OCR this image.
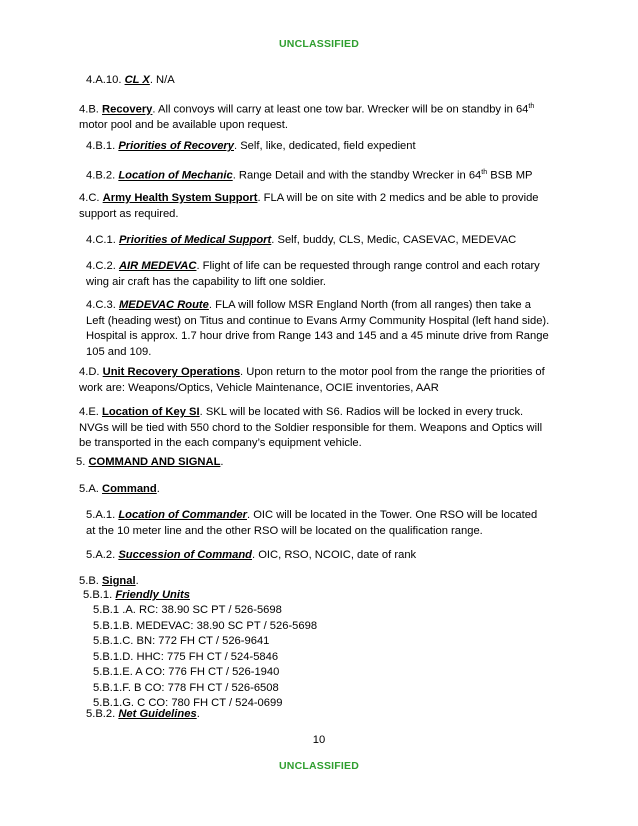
UNCLASSIFIED
4.A.10. CL X. N/A
4.B. Recovery. All convoys will carry at least one tow bar. Wrecker will be on standby in 64th
motor pool and be available upon request.
4.B.1. Priorities of Recovery. Self, like, dedicated, field expedient
4.B.2. Location of Mechanic. Range Detail and with the standby Wrecker in 64th BSB MP
4.C. Army Health System Support. FLA will be on site with 2 medics and be able to provide
support as required.
4.C.1. Priorities of Medical Support. Self, buddy, CLS, Medic, CASEVAC, MEDEVAC
4.C.2. AIR MEDEVAC. Flight of life can be requested through range control and each rotary
wing air craft has the capability to lift one soldier.
4.C.3. MEDEVAC Route. FLA will follow MSR England North (from all ranges) then take a
Left (heading west) on Titus and continue to Evans Army Community Hospital (left hand side).
Hospital is approx. 1.7 hour drive from Range 143 and 145 and a 45 minute drive from Range
105 and 109.
4.D. Unit Recovery Operations. Upon return to the motor pool from the range the priorities of
work are: Weapons/Optics, Vehicle Maintenance, OCIE inventories, AAR
4.E. Location of Key SI. SKL will be located with S6. Radios will be locked in every truck.
NVGs will be tied with 550 chord to the Soldier responsible for them. Weapons and Optics will
be transported in the each company’s equipment vehicle.
5. COMMAND AND SIGNAL.
5.A. Command.
5.A.1. Location of Commander. OIC will be located in the Tower. One RSO will be located
at the 10 meter line and the other RSO will be located on the qualification range.
5.A.2. Succession of Command. OIC, RSO, NCOIC, date of rank
5.B. Signal.
5.B.1. Friendly Units
5.B.1 .A. RC: 38.90 SC PT / 526-5698
5.B.1.B. MEDEVAC: 38.90 SC PT / 526-5698
5.B.1.C. BN: 772 FH CT / 526-9641
5.B.1.D. HHC: 775 FH CT / 524-5846
5.B.1.E. A CO: 776 FH CT / 526-1940
5.B.1.F. B CO: 778 FH CT / 526-6508
5.B.1.G. C CO: 780 FH CT / 524-0699
5.B.2. Net Guidelines.
10
UNCLASSIFIED
